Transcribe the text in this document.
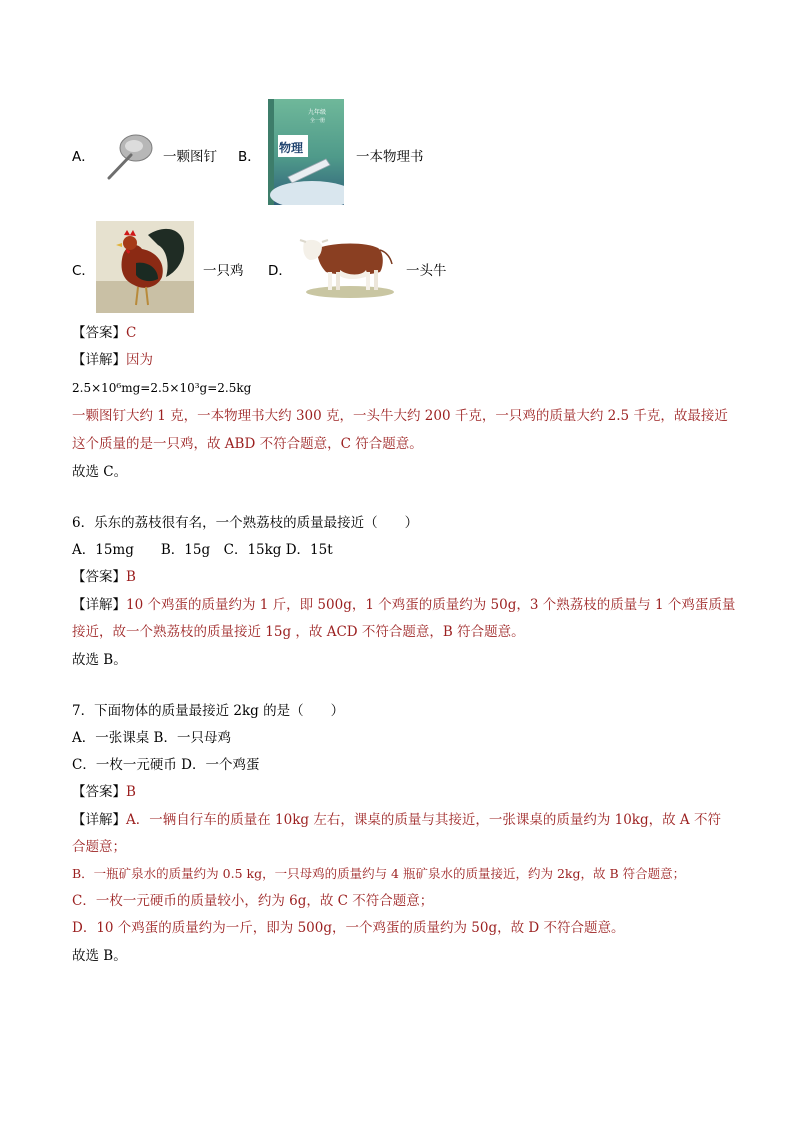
A．	一颗图钉 B．
物理
九年级
全一册
一本物理书
C．	一只鸡 D．	一头牛
【答案】C
【详解】因为
2.5×10⁶mg=2.5×10³g=2.5kg
一颗图钉大约 1 克，一本物理书大约 300 克，一头牛大约 200 千克，一只鸡的质量大约 2.5 千克，故最接近
这个质量的是一只鸡，故 ABD 不符合题意，C 符合题意。
故选 C。
6．乐东的荔枝很有名，一个熟荔枝的质量最接近（　　）
A．15mg　　B．15g　C．15kg D．15t
【答案】B
【详解】10 个鸡蛋的质量约为 1 斤，即 500g，1 个鸡蛋的质量约为 50g，3 个熟荔枝的质量与 1 个鸡蛋质量
接近，故一个熟荔枝的质量接近 15g ，故 ACD 不符合题意，B 符合题意。
故选 B。
7．下面物体的质量最接近 2kg 的是（　　）
A．一张课桌 B．一只母鸡
C．一枚一元硬币 D．一个鸡蛋
【答案】B
【详解】A．一辆自行车的质量在 10kg 左右，课桌的质量与其接近，一张课桌的质量约为 10kg，故 A 不符
合题意；
B．一瓶矿泉水的质量约为 0.5 kg，一只母鸡的质量约与 4 瓶矿泉水的质量接近，约为 2kg，故 B 符合题意；
C．一枚一元硬币的质量较小，约为 6g，故 C 不符合题意；
D．10 个鸡蛋的质量约为一斤，即为 500g，一个鸡蛋的质量约为 50g，故 D 不符合题意。
故选 B。
